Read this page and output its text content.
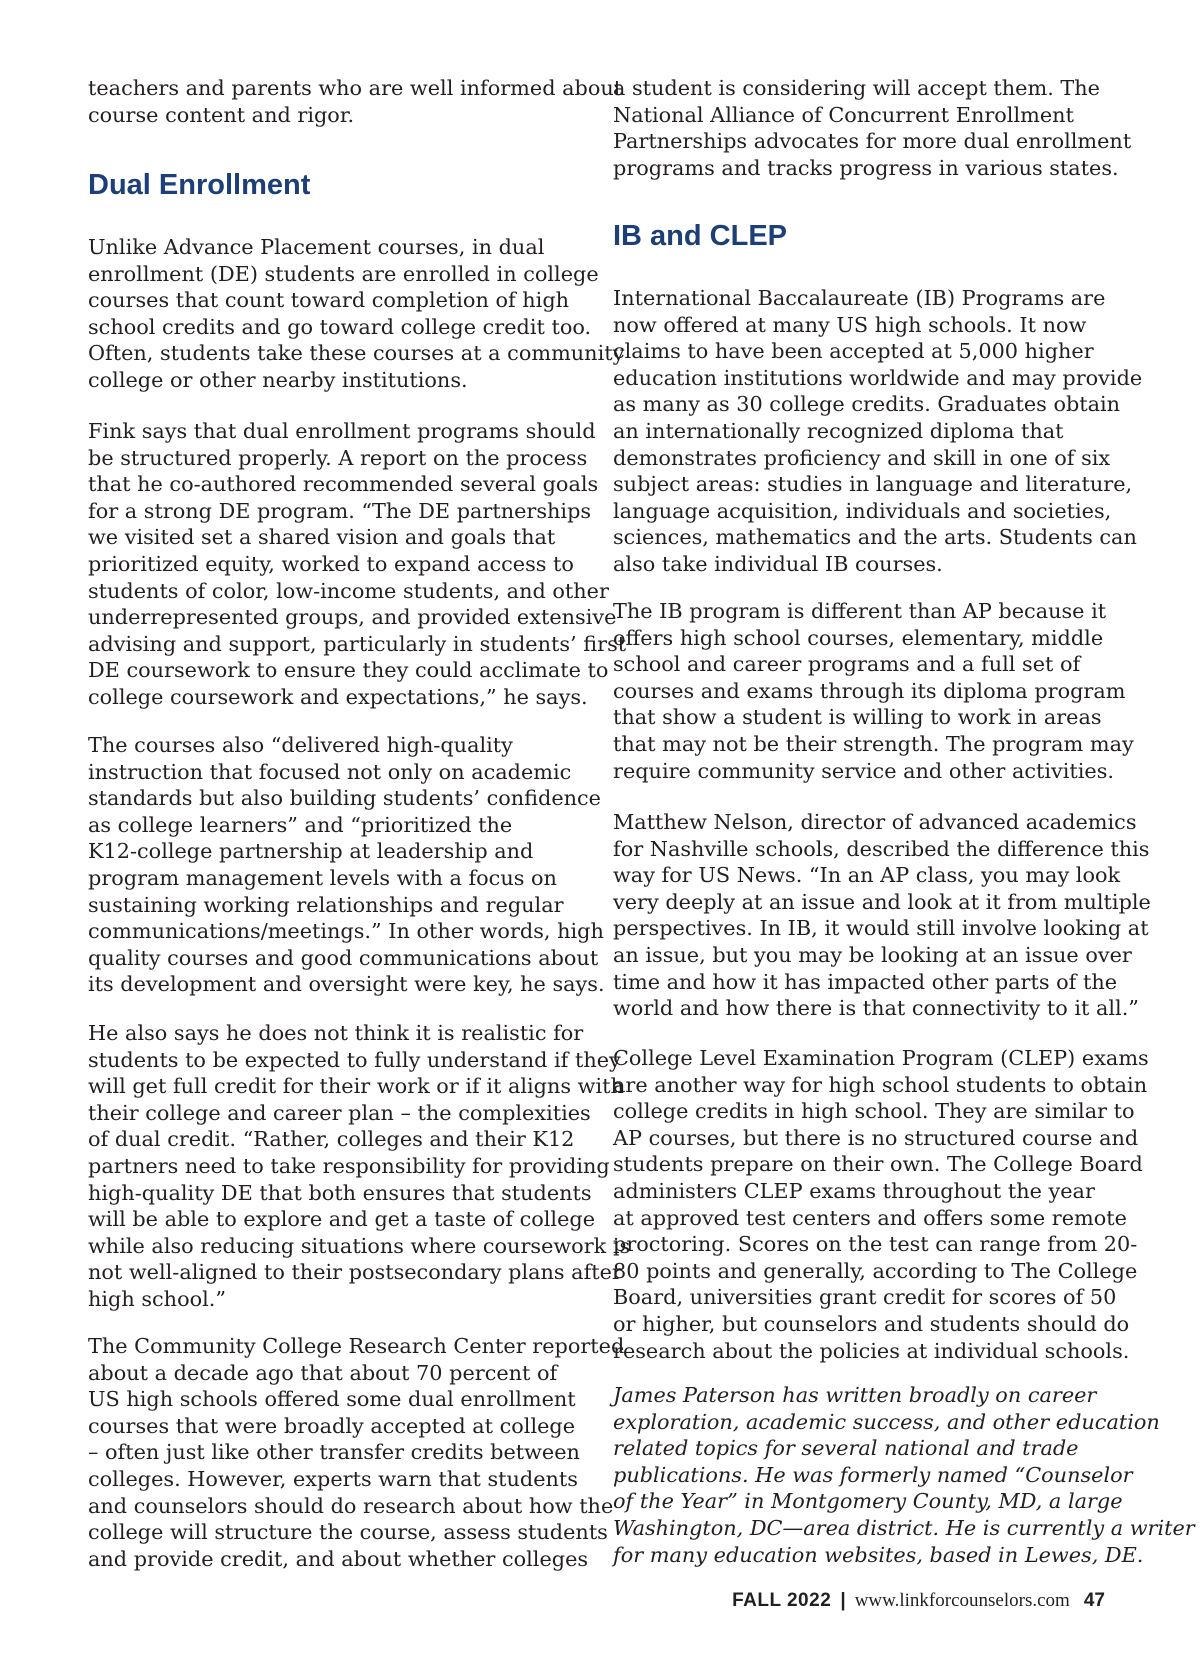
teachers and parents who are well informed about
course content and rigor.
Dual Enrollment
Unlike Advance Placement courses, in dual
enrollment (DE) students are enrolled in college
courses that count toward completion of high
school credits and go toward college credit too.
Often, students take these courses at a community
college or other nearby institutions.
Fink says that dual enrollment programs should
be structured properly. A report on the process
that he co-authored recommended several goals
for a strong DE program. “The DE partnerships
we visited set a shared vision and goals that
prioritized equity, worked to expand access to
students of color, low-income students, and other
underrepresented groups, and provided extensive
advising and support, particularly in students’ first
DE coursework to ensure they could acclimate to
college coursework and expectations,” he says.
The courses also “delivered high-quality
instruction that focused not only on academic
standards but also building students’ confidence
as college learners” and “prioritized the
K12-college partnership at leadership and
program management levels with a focus on
sustaining working relationships and regular
communications/meetings.” In other words, high
quality courses and good communications about
its development and oversight were key, he says.
He also says he does not think it is realistic for
students to be expected to fully understand if they
will get full credit for their work or if it aligns with
their college and career plan – the complexities
of dual credit. “Rather, colleges and their K12
partners need to take responsibility for providing
high-quality DE that both ensures that students
will be able to explore and get a taste of college
while also reducing situations where coursework is
not well-aligned to their postsecondary plans after
high school.”
The Community College Research Center reported
about a decade ago that about 70 percent of
US high schools offered some dual enrollment
courses that were broadly accepted at college
– often just like other transfer credits between
colleges. However, experts warn that students
and counselors should do research about how the
college will structure the course, assess students
and provide credit, and about whether colleges
a student is considering will accept them. The
National Alliance of Concurrent Enrollment
Partnerships advocates for more dual enrollment
programs and tracks progress in various states.
IB and CLEP
International Baccalaureate (IB) Programs are
now offered at many US high schools. It now
claims to have been accepted at 5,000 higher
education institutions worldwide and may provide
as many as 30 college credits. Graduates obtain
an internationally recognized diploma that
demonstrates proficiency and skill in one of six
subject areas: studies in language and literature,
language acquisition, individuals and societies,
sciences, mathematics and the arts. Students can
also take individual IB courses.
The IB program is different than AP because it
offers high school courses, elementary, middle
school and career programs and a full set of
courses and exams through its diploma program
that show a student is willing to work in areas
that may not be their strength. The program may
require community service and other activities.
Matthew Nelson, director of advanced academics
for Nashville schools, described the difference this
way for US News. “In an AP class, you may look
very deeply at an issue and look at it from multiple
perspectives. In IB, it would still involve looking at
an issue, but you may be looking at an issue over
time and how it has impacted other parts of the
world and how there is that connectivity to it all.”
College Level Examination Program (CLEP) exams
are another way for high school students to obtain
college credits in high school. They are similar to
AP courses, but there is no structured course and
students prepare on their own. The College Board
administers CLEP exams throughout the year
at approved test centers and offers some remote
proctoring. Scores on the test can range from 20-
80 points and generally, according to The College
Board, universities grant credit for scores of 50
or higher, but counselors and students should do
research about the policies at individual schools.
James Paterson has written broadly on career
exploration, academic success, and other education
related topics for several national and trade
publications. He was formerly named “Counselor
of the Year” in Montgomery County, MD, a large
Washington, DC—area district. He is currently a writer
for many education websites, based in Lewes, DE.
FALL 2022 | www.linkforcounselors.com 47
